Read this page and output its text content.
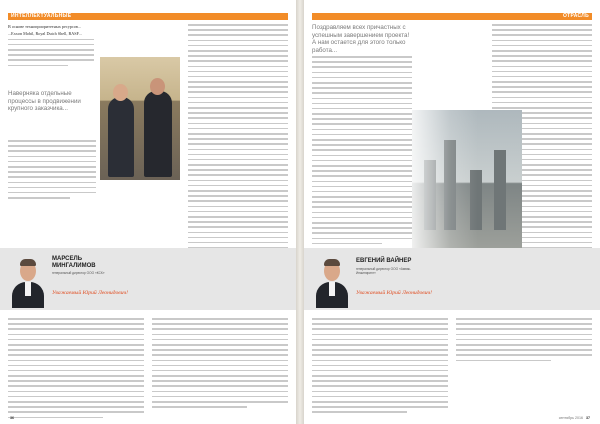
ИНТЕЛЛЕКТУАЛЬНЫЕ

В основе техноприоритетных ресурсов...

...Exxon Mobil, Royal Dutch Shell, BASF...

Наверняка отдельные процессы в продвижении крупного заказчика...
МАРСЕЛЬ
МИНГАЛИМОВ
генеральный директор ООО «КСК»
Уважаемый Юрий Леонидович!
36
ОТРАСЛЬ
Поздравляем всех причастных с успешным завершением проекта! А нам остается для этого только работа...
ЕВГЕНИЙ ВАЙНЕР
генеральный директор ООО «Амвак-Инжиниринг»
Уважаемый Юрий Леонидович!
сентябрь 2016 37
